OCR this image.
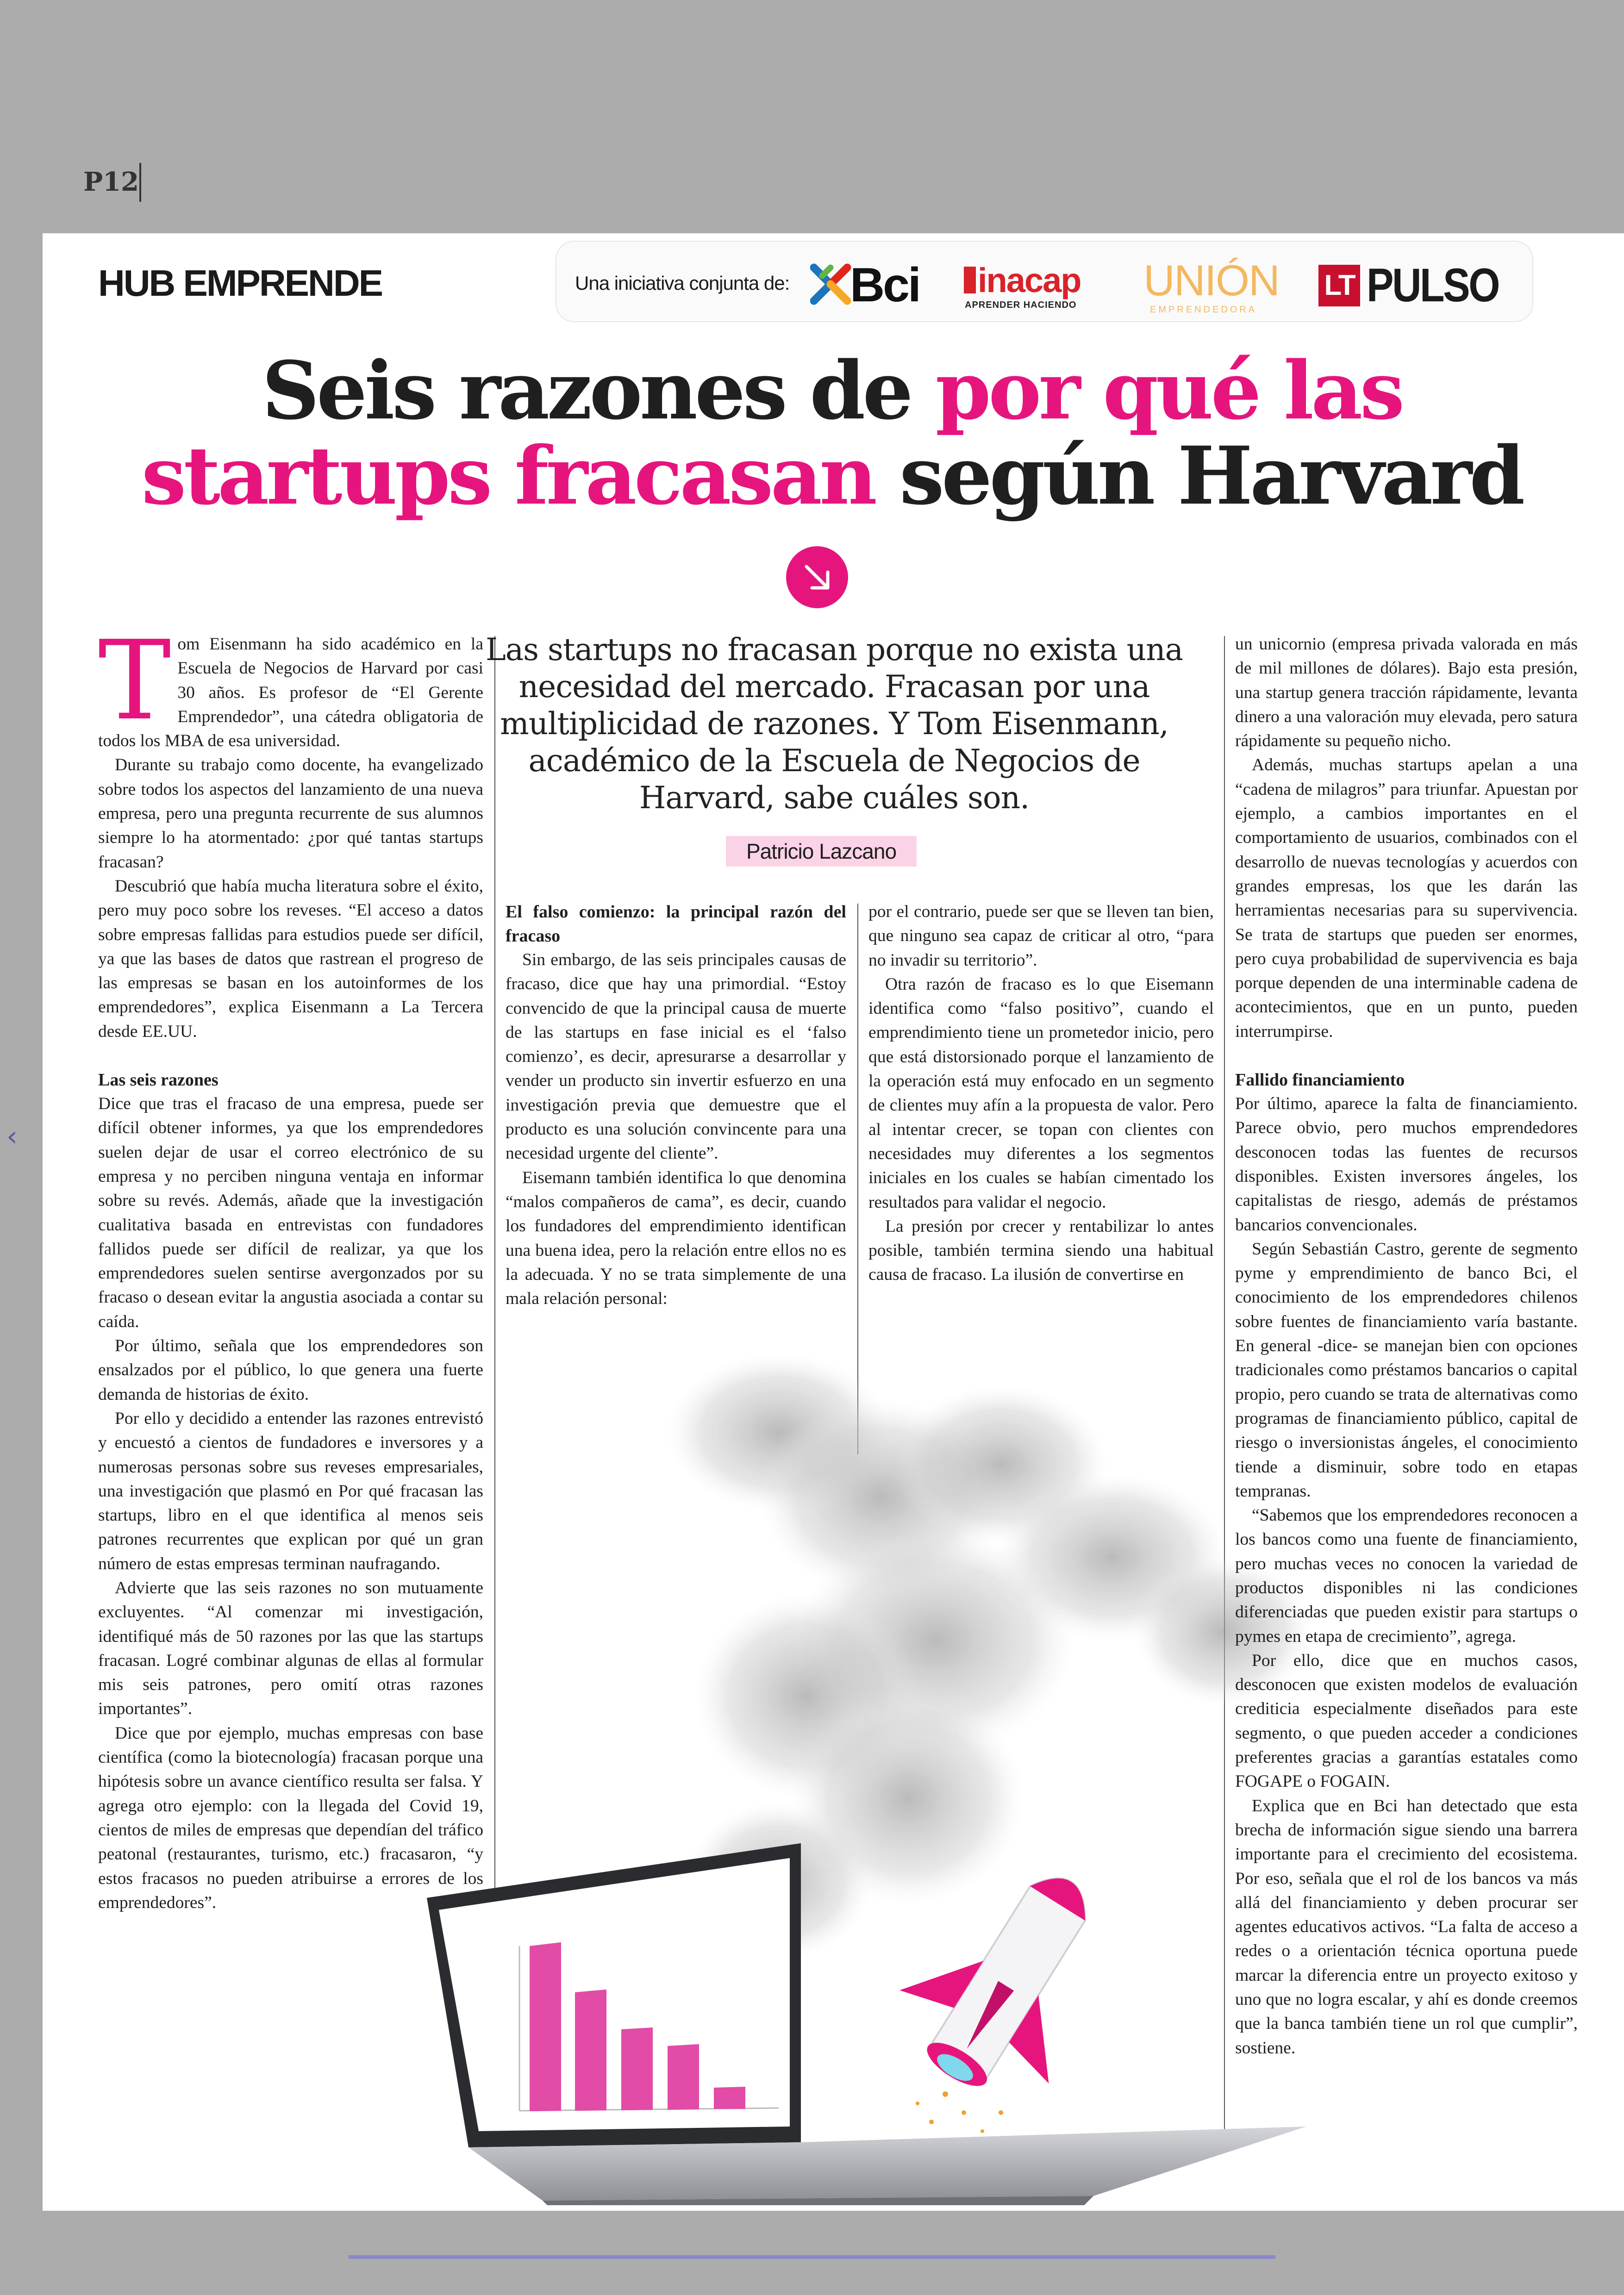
P12
‹
HUB EMPRENDE	Una iniciativa conjunta de: Bci inacap
APRENDER HACIENDO
UNIÓN
EMPRENDEDORA
LT PULSO
Seis razones de por qué las startups fracasan según Harvard

Tom Eisenmann ha sido académico en la Escuela de Negocios de Harvard por casi 30 años. Es profesor de “El Gerente Emprendedor”, una cátedra obligatoria de todos los MBA de esa universidad.

Durante su trabajo como docente, ha evangelizado sobre todos los aspectos del lanzamiento de una nueva empresa, pero una pregunta recurrente de sus alumnos siempre lo ha atormentado: ¿por qué tantas startups fracasan?

Descubrió que había mucha literatura sobre el éxito, pero muy poco sobre los reveses. “El acceso a datos sobre empresas fallidas para estudios puede ser difícil, ya que las bases de datos que rastrean el progreso de las empresas se basan en los autoinformes de los emprendedores”, explica Eisenmann a La Tercera desde EE.UU.

Las seis razones

Dice que tras el fracaso de una empresa, puede ser difícil obtener informes, ya que los emprendedores suelen dejar de usar el correo electrónico de su empresa y no perciben ninguna ventaja en informar sobre su revés. Además, añade que la investigación cualitativa basada en entrevistas con fundadores fallidos puede ser difícil de realizar, ya que los emprendedores suelen sentirse avergonzados por su fracaso o desean evitar la angustia asociada a contar su caída.

Por último, señala que los emprendedores son ensalzados por el público, lo que genera una fuerte demanda de historias de éxito.

Por ello y decidido a entender las razones entrevistó y encuestó a cientos de fundadores e inversores y a numerosas personas sobre sus reveses empresariales, una investigación que plasmó en Por qué fracasan las startups, libro en el que identifica al menos seis patrones recurrentes que explican por qué un gran número de estas empresas terminan naufragando.

Advierte que las seis razones no son mutuamente excluyentes. “Al comenzar mi investigación, identifiqué más de 50 razones por las que las startups fracasan. Logré combinar algunas de ellas al formular mis seis patrones, pero omití otras razones importantes”.

Dice que por ejemplo, muchas empresas con base científica (como la biotecnología) fracasan porque una hipótesis sobre un avance científico resulta ser falsa. Y agrega otro ejemplo: con la llegada del Covid 19, cientos de miles de empresas que dependían del tráfico peatonal (restaurantes, turismo, etc.) fracasaron, “y estos fracasos no pueden atribuirse a errores de los emprendedores”.

Las startups no fracasan porque no exista una necesidad del mercado. Fracasan por una multiplicidad de razones. Y Tom Eisenmann, académico de la Escuela de Negocios de Harvard, sabe cuáles son.
Patricio Lazcano
El falso comienzo: la principal razón del fracaso

Sin embargo, de las seis principales causas de fracaso, dice que hay una primordial. “Estoy convencido de que la principal causa de muerte de las startups en fase inicial es el ‘falso comienzo’, es decir, apresurarse a desarrollar y vender un producto sin invertir esfuerzo en una investigación previa que demuestre que el producto es una solución convincente para una necesidad urgente del cliente”.

Eisemann también identifica lo que denomina “malos compañeros de cama”, es decir, cuando los fundadores del emprendimiento identifican una buena idea, pero la relación entre ellos no es la adecuada. Y no se trata simplemente de una mala relación personal:

por el contrario, puede ser que se lleven tan bien, que ninguno sea capaz de criticar al otro, “para no invadir su territorio”.

Otra razón de fracaso es lo que Eisemann identifica como “falso positivo”, cuando el emprendimiento tiene un prometedor inicio, pero que está distorsionado porque el lanzamiento de la operación está muy enfocado en un segmento de clientes muy afín a la propuesta de valor. Pero al intentar crecer, se topan con clientes con necesidades muy diferentes a los segmentos iniciales en los cuales se habían cimentado los resultados para validar el negocio.

La presión por crecer y rentabilizar lo antes posible, también termina siendo una habitual causa de fracaso. La ilusión de convertirse en

un unicornio (empresa privada valorada en más de mil millones de dólares). Bajo esta presión, una startup genera tracción rápidamente, levanta dinero a una valoración muy elevada, pero satura rápidamente su pequeño nicho.

Además, muchas startups apelan a una “cadena de milagros” para triunfar. Apuestan por ejemplo, a cambios importantes en el comportamiento de usuarios, combinados con el desarrollo de nuevas tecnologías y acuerdos con grandes empresas, los que les darán las herramientas necesarias para su supervivencia. Se trata de startups que pueden ser enormes, pero cuya probabilidad de supervivencia es baja porque dependen de una interminable cadena de acontecimientos, que en un punto, pueden interrumpirse.

Fallido financiamiento

Por último, aparece la falta de financiamiento. Parece obvio, pero muchos emprendedores desconocen todas las fuentes de recursos disponibles. Existen inversores ángeles, los capitalistas de riesgo, además de préstamos bancarios convencionales.

Según Sebastián Castro, gerente de segmento pyme y emprendimiento de banco Bci, el conocimiento de los emprendedores chilenos sobre fuentes de financiamiento varía bastante. En general -dice- se manejan bien con opciones tradicionales como préstamos bancarios o capital propio, pero cuando se trata de alternativas como programas de financiamiento público, capital de riesgo o inversionistas ángeles, el conocimiento tiende a disminuir, sobre todo en etapas tempranas.

“Sabemos que los emprendedores reconocen a los bancos como una fuente de financiamiento, pero muchas veces no conocen la variedad de productos disponibles ni las condiciones diferenciadas que pueden existir para startups o pymes en etapa de crecimiento”, agrega.

Por ello, dice que en muchos casos, desconocen que existen modelos de evaluación crediticia especialmente diseñados para este segmento, o que pueden acceder a condiciones preferentes gracias a garantías estatales como FOGAPE o FOGAIN.

Explica que en Bci han detectado que esta brecha de información sigue siendo una barrera importante para el crecimiento del ecosistema. Por eso, señala que el rol de los bancos va más allá del financiamiento y deben procurar ser agentes educativos activos. “La falta de acceso a redes o a orientación técnica oportuna puede marcar la diferencia entre un proyecto exitoso y uno que no logra escalar, y ahí es donde creemos que la banca también tiene un rol que cumplir”, sostiene.
